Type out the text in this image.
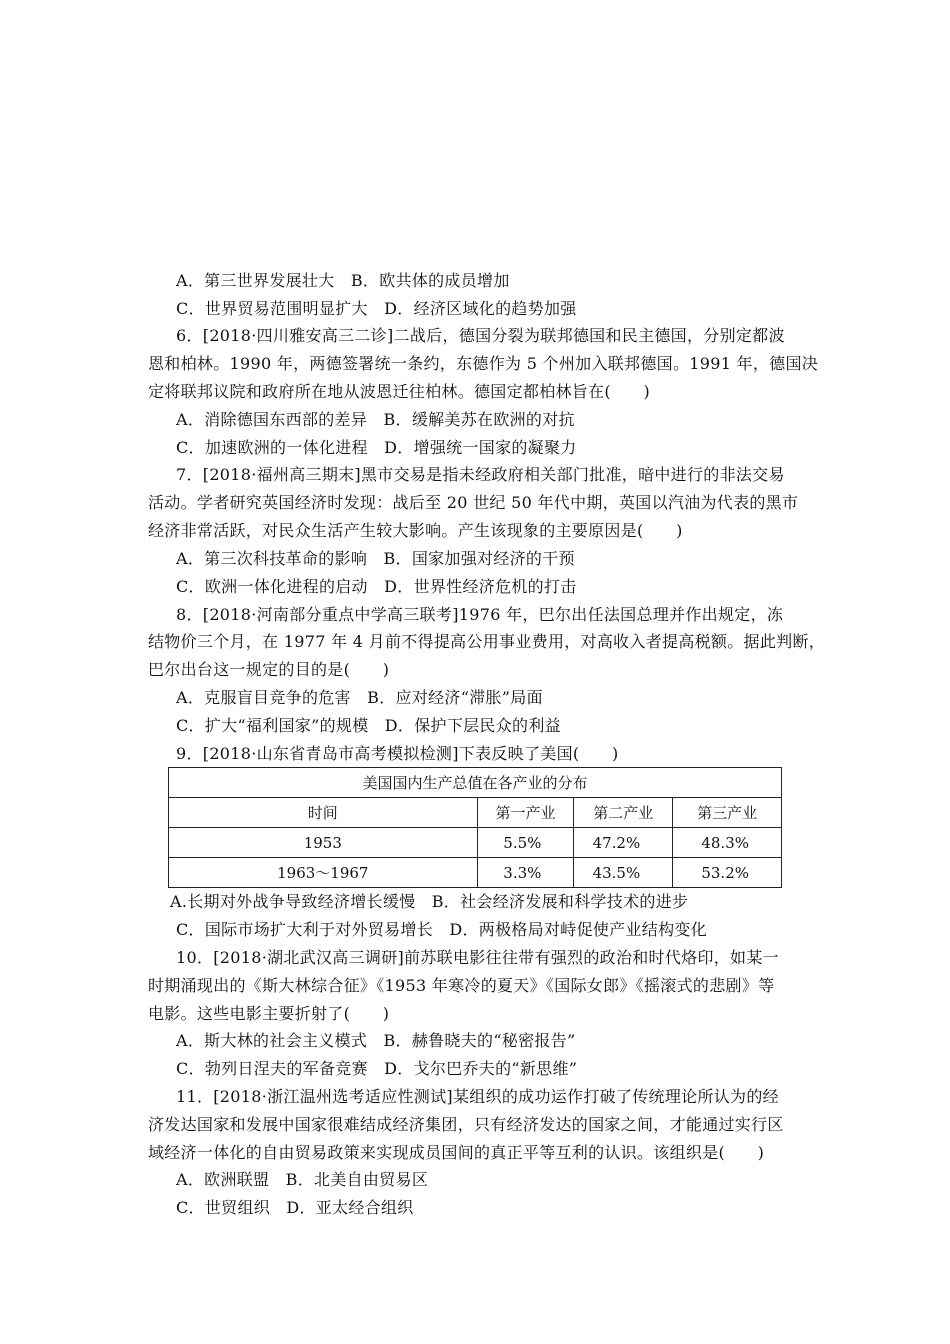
A．第三世界发展壮大　B．欧共体的成员增加
C．世界贸易范围明显扩大　D．经济区域化的趋势加强
6．[2018·四川雅安高三二诊]二战后，德国分裂为联邦德国和民主德国，分别定都波
恩和柏林。1990 年，两德签署统一条约，东德作为 5 个州加入联邦德国。1991 年，德国决
定将联邦议院和政府所在地从波恩迁往柏林。德国定都柏林旨在(　　)
A．消除德国东西部的差异　B．缓解美苏在欧洲的对抗
C．加速欧洲的一体化进程　D．增强统一国家的凝聚力
7．[2018·福州高三期末]黑市交易是指未经政府相关部门批准，暗中进行的非法交易
活动。学者研究英国经济时发现：战后至 20 世纪 50 年代中期，英国以汽油为代表的黑市
经济非常活跃，对民众生活产生较大影响。产生该现象的主要原因是(　　)
A．第三次科技革命的影响　B．国家加强对经济的干预
C．欧洲一体化进程的启动　D．世界性经济危机的打击
8．[2018·河南部分重点中学高三联考]1976 年，巴尔出任法国总理并作出规定，冻
结物价三个月，在 1977 年 4 月前不得提高公用事业费用，对高收入者提高税额。据此判断，
巴尔出台这一规定的目的是(　　)
A．克服盲目竞争的危害　B．应对经济“滞胀”局面
C．扩大“福利国家”的规模　D．保护下层民众的利益
9．[2018·山东省青岛市高考模拟检测]下表反映了美国(　　)
美国国内生产总值在各产业的分布			
时间	第一产业	第二产业	第三产业
1953	5.5%	47.2%	48.3%
1963～1967	3.3%	43.5%	53.2%
A.长期对外战争导致经济增长缓慢　B．社会经济发展和科学技术的进步
C．国际市场扩大利于对外贸易增长　D．两极格局对峙促使产业结构变化
10．[2018·湖北武汉高三调研]前苏联电影往往带有强烈的政治和时代烙印，如某一
时期涌现出的《斯大林综合征》《1953 年寒冷的夏天》《国际女郎》《摇滚式的悲剧》等
电影。这些电影主要折射了(　　)
A．斯大林的社会主义模式　B．赫鲁晓夫的“秘密报告”
C．勃列日涅夫的军备竞赛　D．戈尔巴乔夫的“新思维”
11．[2018·浙江温州选考适应性测试]某组织的成功运作打破了传统理论所认为的经
济发达国家和发展中国家很难结成经济集团，只有经济发达的国家之间，才能通过实行区
域经济一体化的自由贸易政策来实现成员国间的真正平等互利的认识。该组织是(　　)
A．欧洲联盟　B．北美自由贸易区
C．世贸组织　D．亚太经合组织
